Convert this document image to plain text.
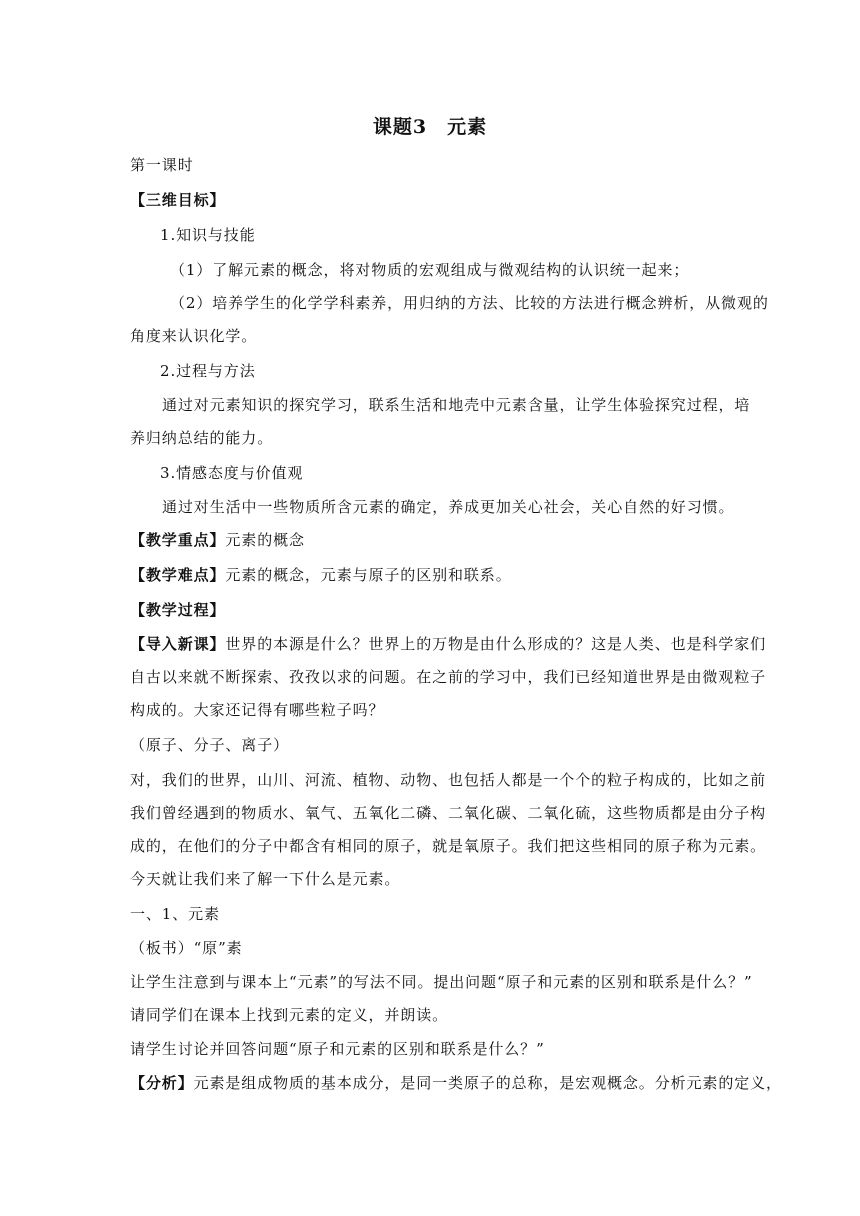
课题3　元素
第一课时
【三维目标】
1.知识与技能
（1）了解元素的概念，将对物质的宏观组成与微观结构的认识统一起来；
（2）培养学生的化学学科素养，用归纳的方法、比较的方法进行概念辨析，从微观的
角度来认识化学。
2.过程与方法
通过对元素知识的探究学习，联系生活和地壳中元素含量，让学生体验探究过程，培
养归纳总结的能力。
3.情感态度与价值观
通过对生活中一些物质所含元素的确定，养成更加关心社会，关心自然的好习惯。
【教学重点】元素的概念
【教学难点】元素的概念，元素与原子的区别和联系。
【教学过程】
【导入新课】世界的本源是什么？世界上的万物是由什么形成的？这是人类、也是科学家们
自古以来就不断探索、孜孜以求的问题。在之前的学习中，我们已经知道世界是由微观粒子
构成的。大家还记得有哪些粒子吗？
（原子、分子、离子）
对，我们的世界，山川、河流、植物、动物、也包括人都是一个个的粒子构成的，比如之前
我们曾经遇到的物质水、氧气、五氧化二磷、二氧化碳、二氧化硫，这些物质都是由分子构
成的，在他们的分子中都含有相同的原子，就是氧原子。我们把这些相同的原子称为元素。
今天就让我们来了解一下什么是元素。
一、1、元素
（板书）“原”素
让学生注意到与课本上“元素”的写法不同。提出问题“原子和元素的区别和联系是什么？”
请同学们在课本上找到元素的定义，并朗读。
请学生讨论并回答问题“原子和元素的区别和联系是什么？”
【分析】元素是组成物质的基本成分，是同一类原子的总称，是宏观概念。分析元素的定义，
